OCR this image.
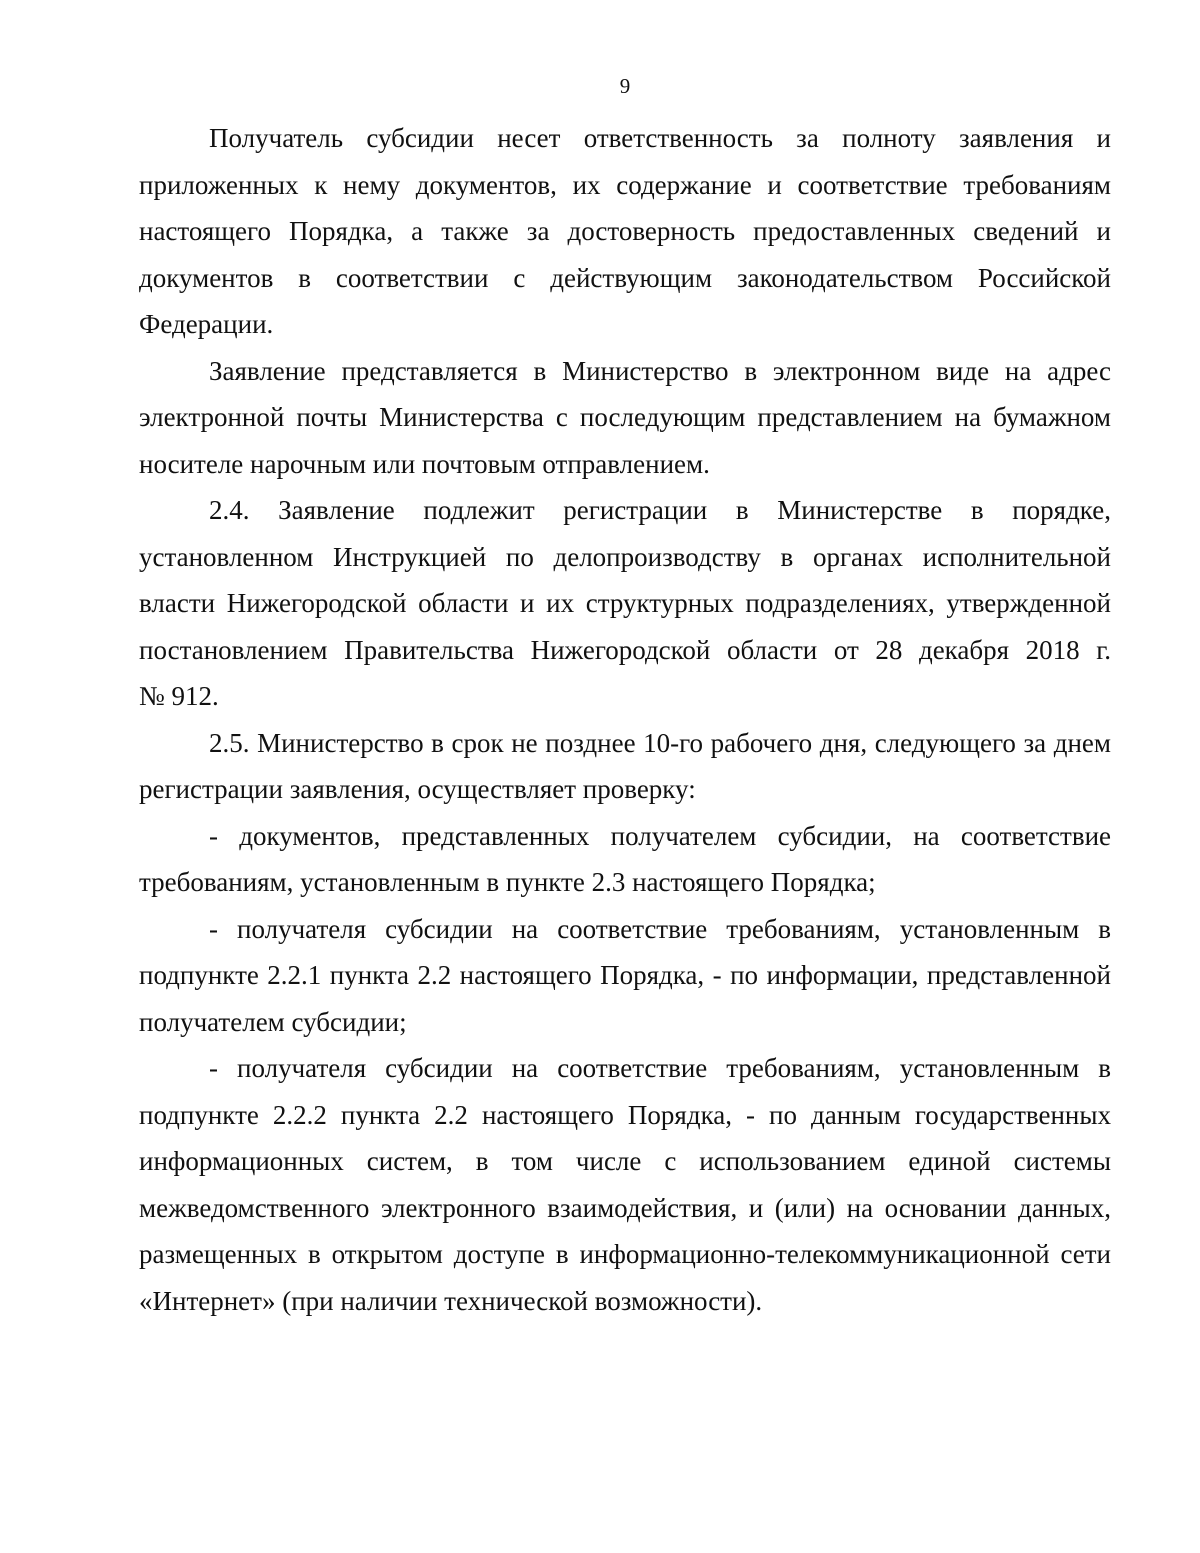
9

Получатель субсидии несет ответственность за полноту заявления и
приложенных к нему документов, их содержание и соответствие требованиям
настоящего Порядка, а также за достоверность предоставленных сведений и
документов в соответствии с действующим законодательством Российской
Федерации.

Заявление представляется в Министерство в электронном виде на адрес
электронной почты Министерства с последующим представлением на бумажном
носителе нарочным или почтовым отправлением.

2.4. Заявление подлежит регистрации в Министерстве в порядке,
установленном Инструкцией по делопроизводству в органах исполнительной
власти Нижегородской области и их структурных подразделениях, утвержденной
постановлением Правительства Нижегородской области от 28 декабря 2018 г.
№ 912.

2.5. Министерство в срок не позднее 10-го рабочего дня, следующего за днем
регистрации заявления, осуществляет проверку:

- документов, представленных получателем субсидии, на соответствие
требованиям, установленным в пункте 2.3 настоящего Порядка;

- получателя субсидии на соответствие требованиям, установленным в
подпункте 2.2.1 пункта 2.2 настоящего Порядка, - по информации, представленной
получателем субсидии;

- получателя субсидии на соответствие требованиям, установленным в
подпункте 2.2.2 пункта 2.2 настоящего Порядка, - по данным государственных
информационных систем, в том числе с использованием единой системы
межведомственного электронного взаимодействия, и (или) на основании данных,
размещенных в открытом доступе в информационно-телекоммуникационной сети
«Интернет» (при наличии технической возможности).
